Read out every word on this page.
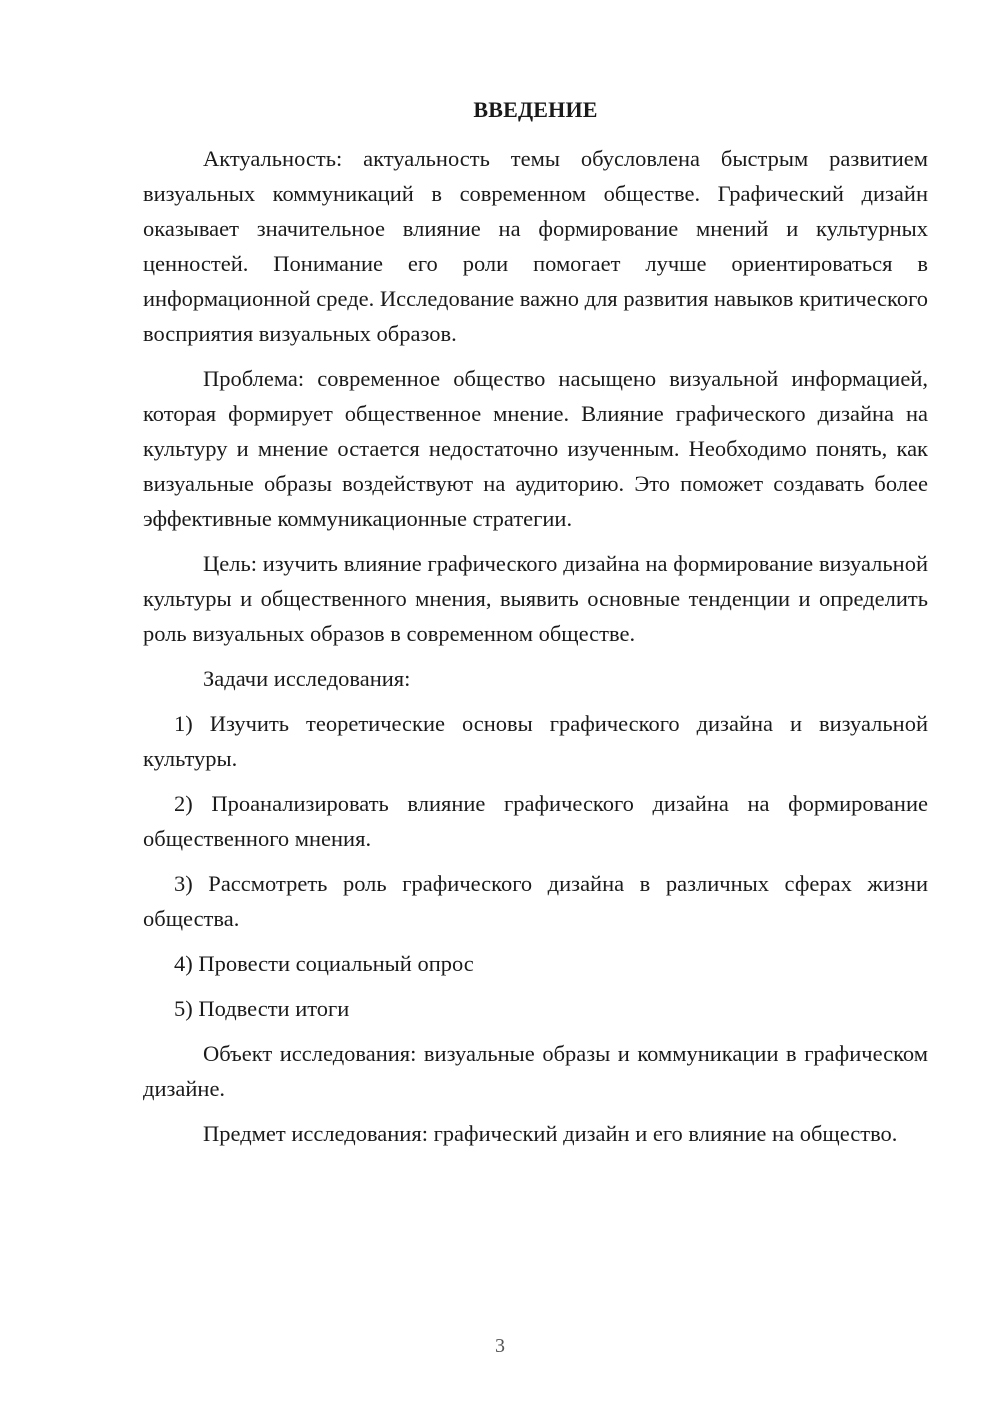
ВВЕДЕНИЕ

Актуальность: актуальность темы обусловлена быстрым развитием визуальных коммуникаций в современном обществе. Графический дизайн оказывает значительное влияние на формирование мнений и культурных ценностей. Понимание его роли помогает лучше ориентироваться в информационной среде. Исследование важно для развития навыков критического восприятия визуальных образов.

Проблема: современное общество насыщено визуальной информацией, которая формирует общественное мнение. Влияние графического дизайна на культуру и мнение остается недостаточно изученным. Необходимо понять, как визуальные образы воздействуют на аудиторию. Это поможет создавать более эффективные коммуникационные стратегии.

Цель: изучить влияние графического дизайна на формирование визуальной культуры и общественного мнения, выявить основные тенденции и определить роль визуальных образов в современном обществе.

Задачи исследования:

1) Изучить теоретические основы графического дизайна и визуальной культуры.

2) Проанализировать влияние графического дизайна на формирование общественного мнения.

3) Рассмотреть роль графического дизайна в различных сферах жизни общества.

4) Провести социальный опрос

5) Подвести итоги

Объект исследования: визуальные образы и коммуникации в графическом дизайне.

Предмет исследования: графический дизайн и его влияние на общество.

3
